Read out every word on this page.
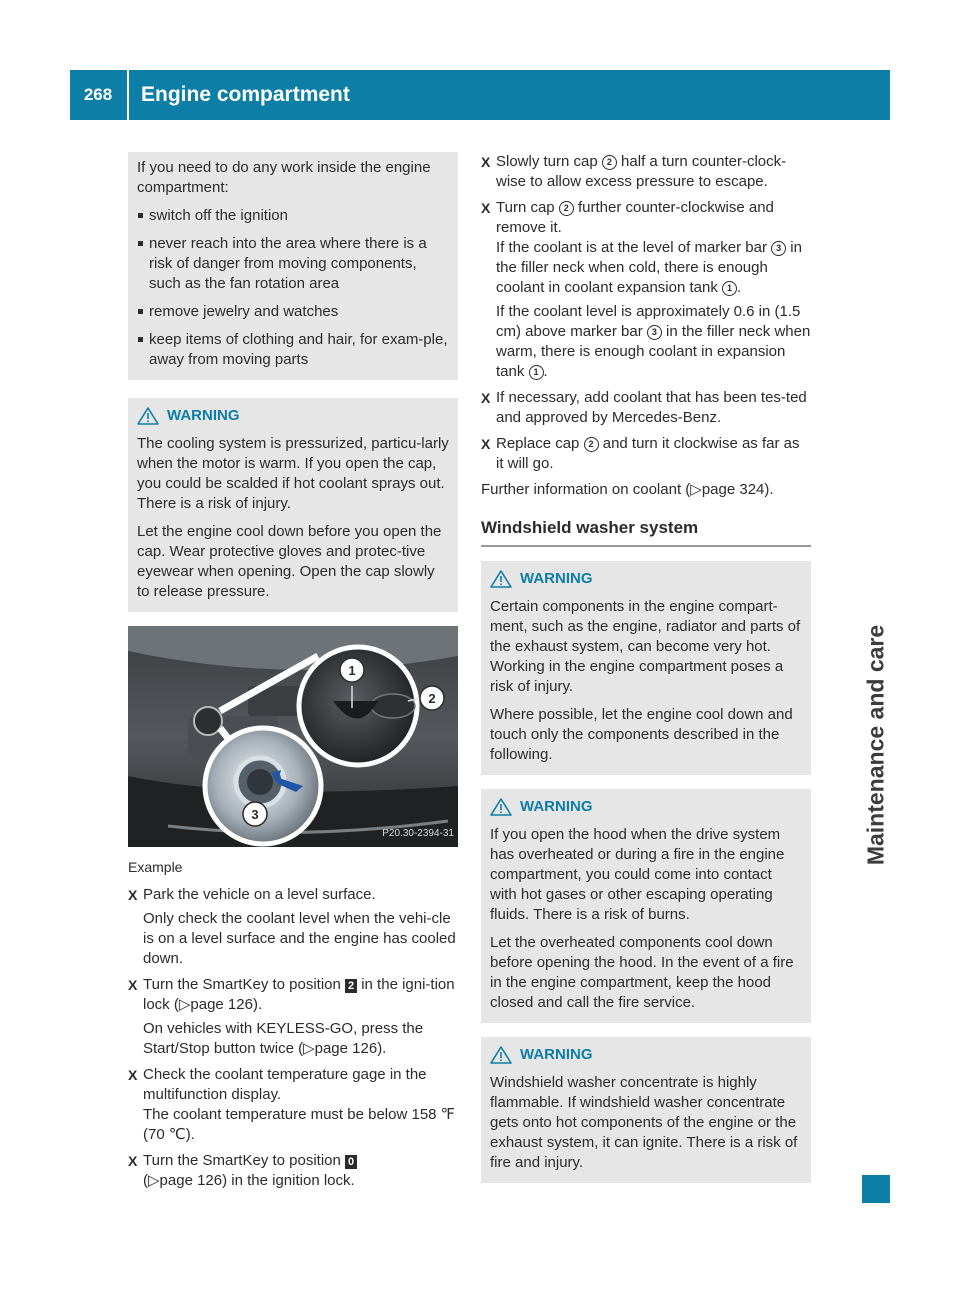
268	Engine compartment
Maintenance and care

If you need to do any work inside the engine compartment:

switch off the ignition
never reach into the area where there is a risk of danger from moving components, such as the fan rotation area
remove jewelry and watches
keep items of clothing and hair, for exam-ple, away from moving parts
WARNING

The cooling system is pressurized, particu-larly when the motor is warm. If you open the cap, you could be scalded if hot coolant sprays out. There is a risk of injury.

Let the engine cool down before you open the cap. Wear protective gloves and protec-tive eyewear when opening. Open the cap slowly to release pressure.

1
2
3
P20.30-2394-31
Example
X Park the vehicle on a level surface.
Only check the coolant level when the vehi-cle is on a level surface and the engine has cooled down.
X Turn the SmartKey to position 2 in the igni-tion lock (▷page 126).
On vehicles with KEYLESS-GO, press the Start/Stop button twice (▷page 126).
X Check the coolant temperature gage in the multifunction display.
The coolant temperature must be below 158 ℉ (70 ℃).
X Turn the SmartKey to position 0
(▷page 126) in the ignition lock.
X Slowly turn cap 2 half a turn counter-clock-wise to allow excess pressure to escape.
X Turn cap 2 further counter-clockwise and remove it.
If the coolant is at the level of marker bar 3 in the filler neck when cold, there is enough coolant in coolant expansion tank 1 .
If the coolant level is approximately 0.6 in (1.5 cm) above marker bar 3 in the filler neck when warm, there is enough coolant in expansion tank 1 .
X If necessary, add coolant that has been tes-ted and approved by Mercedes-Benz.
X Replace cap 2 and turn it clockwise as far as it will go.

Further information on coolant (▷page 324).

Windshield washer system
WARNING

Certain components in the engine compart-ment, such as the engine, radiator and parts of the exhaust system, can become very hot. Working in the engine compartment poses a risk of injury.

Where possible, let the engine cool down and touch only the components described in the following.

WARNING

If you open the hood when the drive system has overheated or during a fire in the engine compartment, you could come into contact with hot gases or other escaping operating fluids. There is a risk of burns.

Let the overheated components cool down before opening the hood. In the event of a fire in the engine compartment, keep the hood closed and call the fire service.

WARNING

Windshield washer concentrate is highly flammable. If windshield washer concentrate gets onto hot components of the engine or the exhaust system, it can ignite. There is a risk of fire and injury.
